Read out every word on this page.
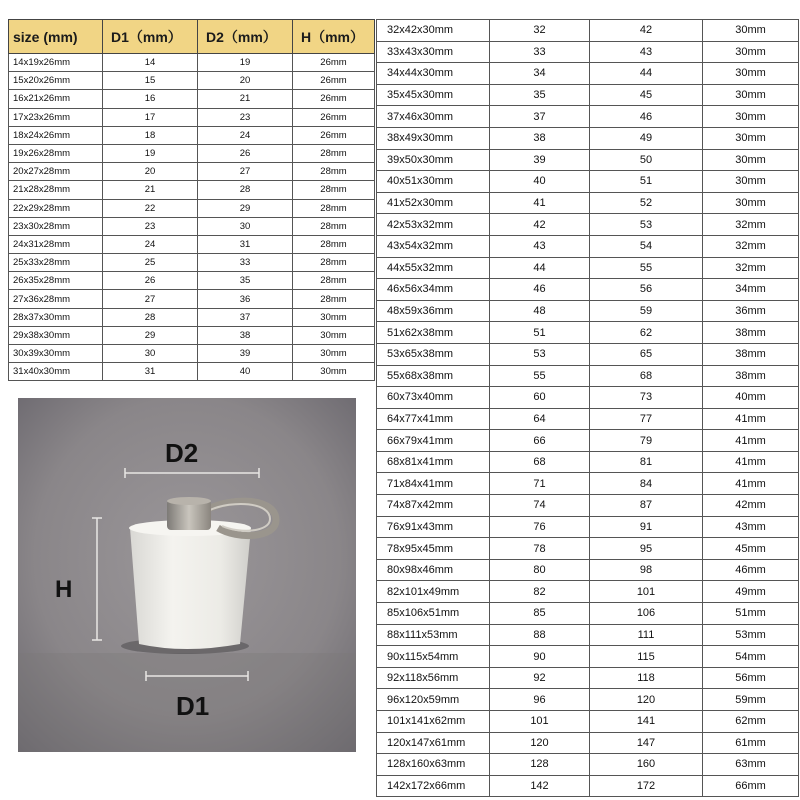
size (mm)	D1（mm）	D2（mm）	H（mm）
14x19x26mm	14	19	26mm
15x20x26mm	15	20	26mm
16x21x26mm	16	21	26mm
17x23x26mm	17	23	26mm
18x24x26mm	18	24	26mm
19x26x28mm	19	26	28mm
20x27x28mm	20	27	28mm
21x28x28mm	21	28	28mm
22x29x28mm	22	29	28mm
23x30x28mm	23	30	28mm
24x31x28mm	24	31	28mm
25x33x28mm	25	33	28mm
26x35x28mm	26	35	28mm
27x36x28mm	27	36	28mm
28x37x30mm	28	37	30mm
29x38x30mm	29	38	30mm
30x39x30mm	30	39	30mm
31x40x30mm	31	40	30mm
32x42x30mm	32	42	30mm
33x43x30mm	33	43	30mm
34x44x30mm	34	44	30mm
35x45x30mm	35	45	30mm
37x46x30mm	37	46	30mm
38x49x30mm	38	49	30mm
39x50x30mm	39	50	30mm
40x51x30mm	40	51	30mm
41x52x30mm	41	52	30mm
42x53x32mm	42	53	32mm
43x54x32mm	43	54	32mm
44x55x32mm	44	55	32mm
46x56x34mm	46	56	34mm
48x59x36mm	48	59	36mm
51x62x38mm	51	62	38mm
53x65x38mm	53	65	38mm
55x68x38mm	55	68	38mm
60x73x40mm	60	73	40mm
64x77x41mm	64	77	41mm
66x79x41mm	66	79	41mm
68x81x41mm	68	81	41mm
71x84x41mm	71	84	41mm
74x87x42mm	74	87	42mm
76x91x43mm	76	91	43mm
78x95x45mm	78	95	45mm
80x98x46mm	80	98	46mm
82x101x49mm	82	101	49mm
85x106x51mm	85	106	51mm
88x111x53mm	88	111	53mm
90x115x54mm	90	115	54mm
92x118x56mm	92	118	56mm
96x120x59mm	96	120	59mm
101x141x62mm	101	141	62mm
120x147x61mm	120	147	61mm
128x160x63mm	128	160	63mm
142x172x66mm	142	172	66mm
D2
H
D1
